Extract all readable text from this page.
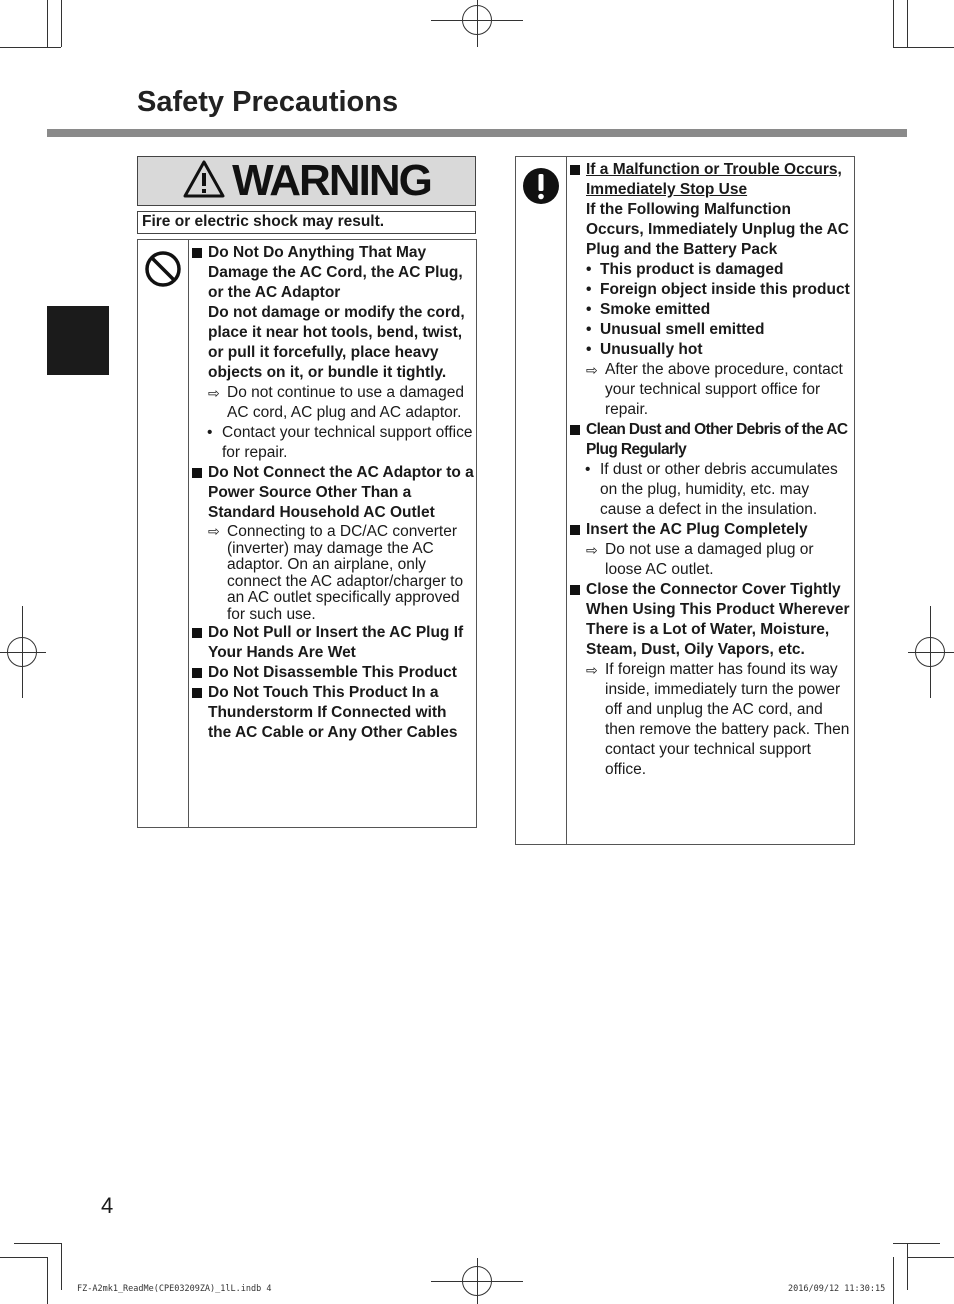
Safety Precautions
WARNING
Fire or electric shock may result.
Do Not Do Anything That May Damage the AC Cord, the AC Plug, or the AC Adaptor
Do not damage or modify the cord, place it near hot tools, bend, twist, or pull it forcefully, place heavy objects on it, or bundle it tightly.
⇨ Do not continue to use a damaged AC cord, AC plug and AC adaptor.
• Contact your technical support office for repair.
Do Not Connect the AC Adaptor to a Power Source Other Than a Standard Household AC Outlet
⇨ Connecting to a DC/AC converter (inverter) may damage the AC adaptor. On an airplane, only connect the AC adaptor/charger to an AC outlet specifically approved for such use.
Do Not Pull or Insert the AC Plug If Your Hands Are Wet
Do Not Disassemble This Product
Do Not Touch This Product In a Thunderstorm If Connected with the AC Cable or Any Other Cables
If a Malfunction or Trouble Occurs, Immediately Stop Use
If the Following Malfunction Occurs, Immediately Unplug the AC Plug and the Battery Pack
• This product is damaged
• Foreign object inside this product
• Smoke emitted
• Unusual smell emitted
• Unusually hot
⇨ After the above procedure, contact your technical support office for repair.
Clean Dust and Other Debris of the AC Plug Regularly
• If dust or other debris accumulates on the plug, humidity, etc. may cause a defect in the insulation.
Insert the AC Plug Completely
⇨ Do not use a damaged plug or loose AC outlet.
Close the Connector Cover Tightly When Using This Product Wherever There is a Lot of Water, Moisture, Steam, Dust, Oily Vapors, etc.
⇨ If foreign matter has found its way inside, immediately turn the power off and unplug the AC cord, and then remove the battery pack. Then contact your technical support office.
4
FZ-A2mk1_ReadMe(CPE03209ZA)_1lL.indb 4	2016/09/12 11:30:15
